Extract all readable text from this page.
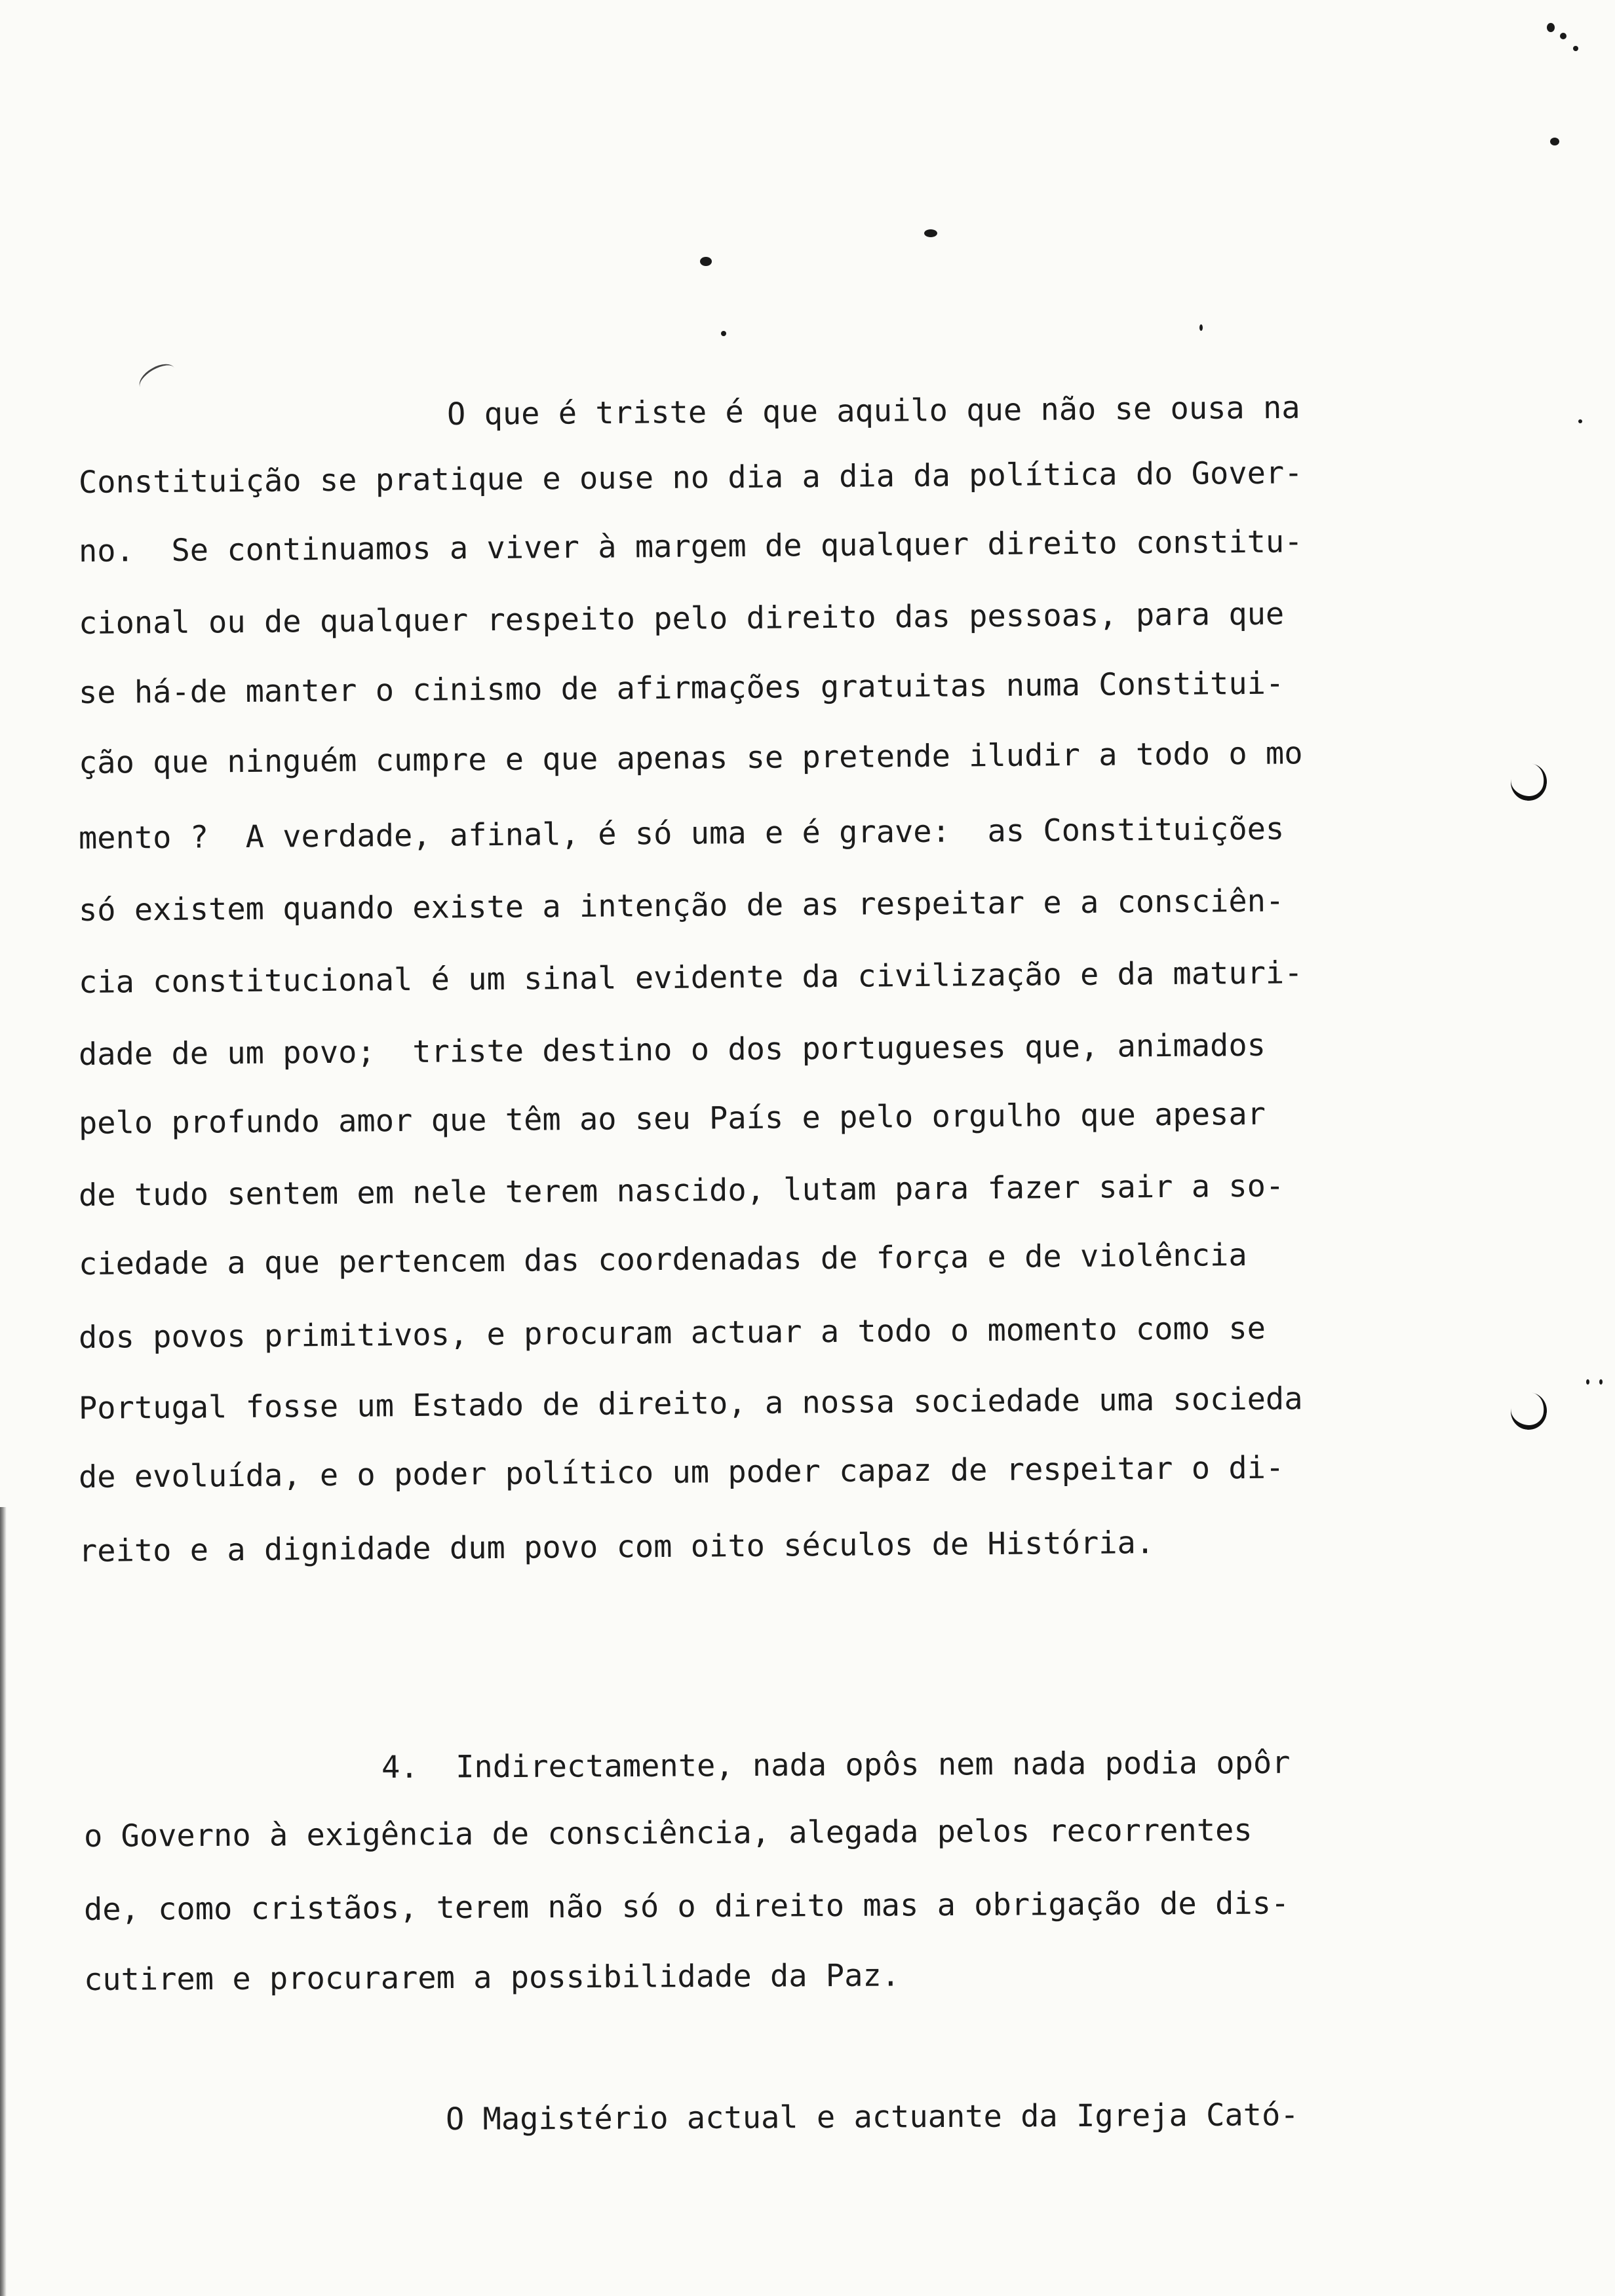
O que é triste é que aquilo que não se ousa na
Constituição se pratique e ouse no dia a dia da política do Gover-
no.  Se continuamos a viver à margem de qualquer direito constitu-
cional ou de qualquer respeito pelo direito das pessoas, para que
se há-de manter o cinismo de afirmações gratuitas numa Constitui-
ção que ninguém cumpre e que apenas se pretende iludir a todo o mo
mento ?  A verdade, afinal, é só uma e é grave:  as Constituições
só existem quando existe a intenção de as respeitar e a consciên-
cia constitucional é um sinal evidente da civilização e da maturi-
dade de um povo;  triste destino o dos portugueses que, animados
pelo profundo amor que têm ao seu País e pelo orgulho que apesar
de tudo sentem em nele terem nascido, lutam para fazer sair a so-
ciedade a que pertencem das coordenadas de força e de violência
dos povos primitivos, e procuram actuar a todo o momento como se
Portugal fosse um Estado de direito, a nossa sociedade uma socieda
de evoluída, e o poder político um poder capaz de respeitar o di-
reito e a dignidade dum povo com oito séculos de História.
4.  Indirectamente, nada opôs nem nada podia opôr
o Governo à exigência de consciência, alegada pelos recorrentes
de, como cristãos, terem não só o direito mas a obrigação de dis-
cutirem e procurarem a possibilidade da Paz.
O Magistério actual e actuante da Igreja Cató-
